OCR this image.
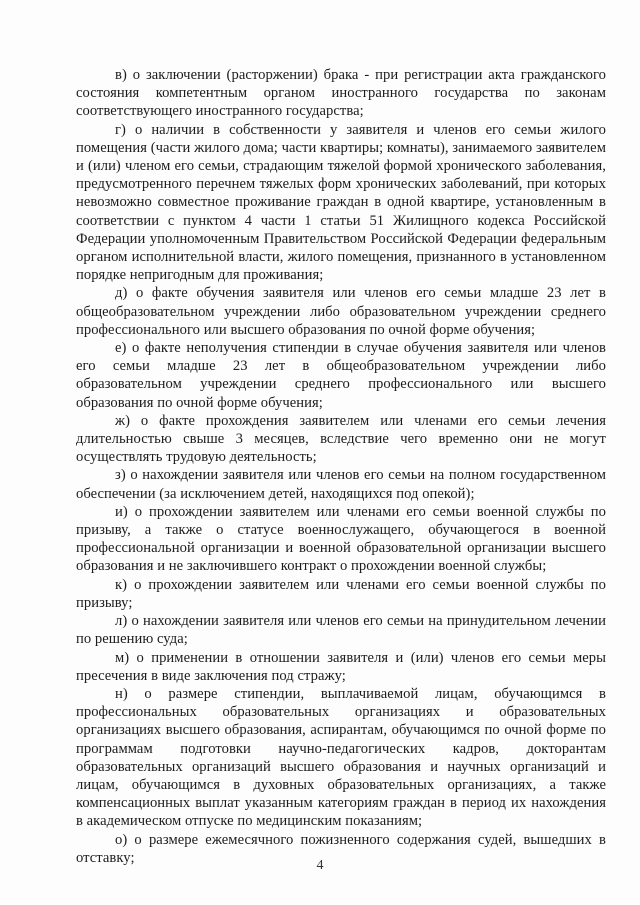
в) о заключении (расторжении) брака - при регистрации акта гражданского состояния компетентным органом иностранного государства по законам соответствующего иностранного государства;

г) о наличии в собственности у заявителя и членов его семьи жилого помещения (части жилого дома; части квартиры; комнаты), занимаемого заявителем и (или) членом его семьи, страдающим тяжелой формой хронического заболевания, предусмотренного перечнем тяжелых форм хронических заболеваний, при которых невозможно совместное проживание граждан в одной квартире, установленным в соответствии с пунктом 4 части 1 статьи 51 Жилищного кодекса Российской Федерации уполномоченным Правительством Российской Федерации федеральным органом исполнительной власти, жилого помещения, признанного в установленном порядке непригодным для проживания;

д) о факте обучения заявителя или членов его семьи младше 23 лет в общеобразовательном учреждении либо образовательном учреждении среднего профессионального или высшего образования по очной форме обучения;

е) о факте неполучения стипендии в случае обучения заявителя или членов его семьи младше 23 лет в общеобразовательном учреждении либо образовательном учреждении среднего профессионального или высшего образования по очной форме обучения;

ж) о факте прохождения заявителем или членами его семьи лечения длительностью свыше 3 месяцев, вследствие чего временно они не могут осуществлять трудовую деятельность;

з) о нахождении заявителя или членов его семьи на полном государственном обеспечении (за исключением детей, находящихся под опекой);

и) о прохождении заявителем или членами его семьи военной службы по призыву, а также о статусе военнослужащего, обучающегося в военной профессиональной организации и военной образовательной организации высшего образования и не заключившего контракт о прохождении военной службы;

к) о прохождении заявителем или членами его семьи военной службы по призыву;

л) о нахождении заявителя или членов его семьи на принудительном лечении по решению суда;

м) о применении в отношении заявителя и (или) членов его семьи меры пресечения в виде заключения под стражу;

н) о размере стипендии, выплачиваемой лицам, обучающимся в профессиональных образовательных организациях и образовательных организациях высшего образования, аспирантам, обучающимся по очной форме по программам подготовки научно-педагогических кадров, докторантам образовательных организаций высшего образования и научных организаций и лицам, обучающимся в духовных образовательных организациях, а также компенсационных выплат указанным категориям граждан в период их нахождения в академическом отпуске по медицинским показаниям;

о) о размере ежемесячного пожизненного содержания судей, вышедших в отставку;	4
